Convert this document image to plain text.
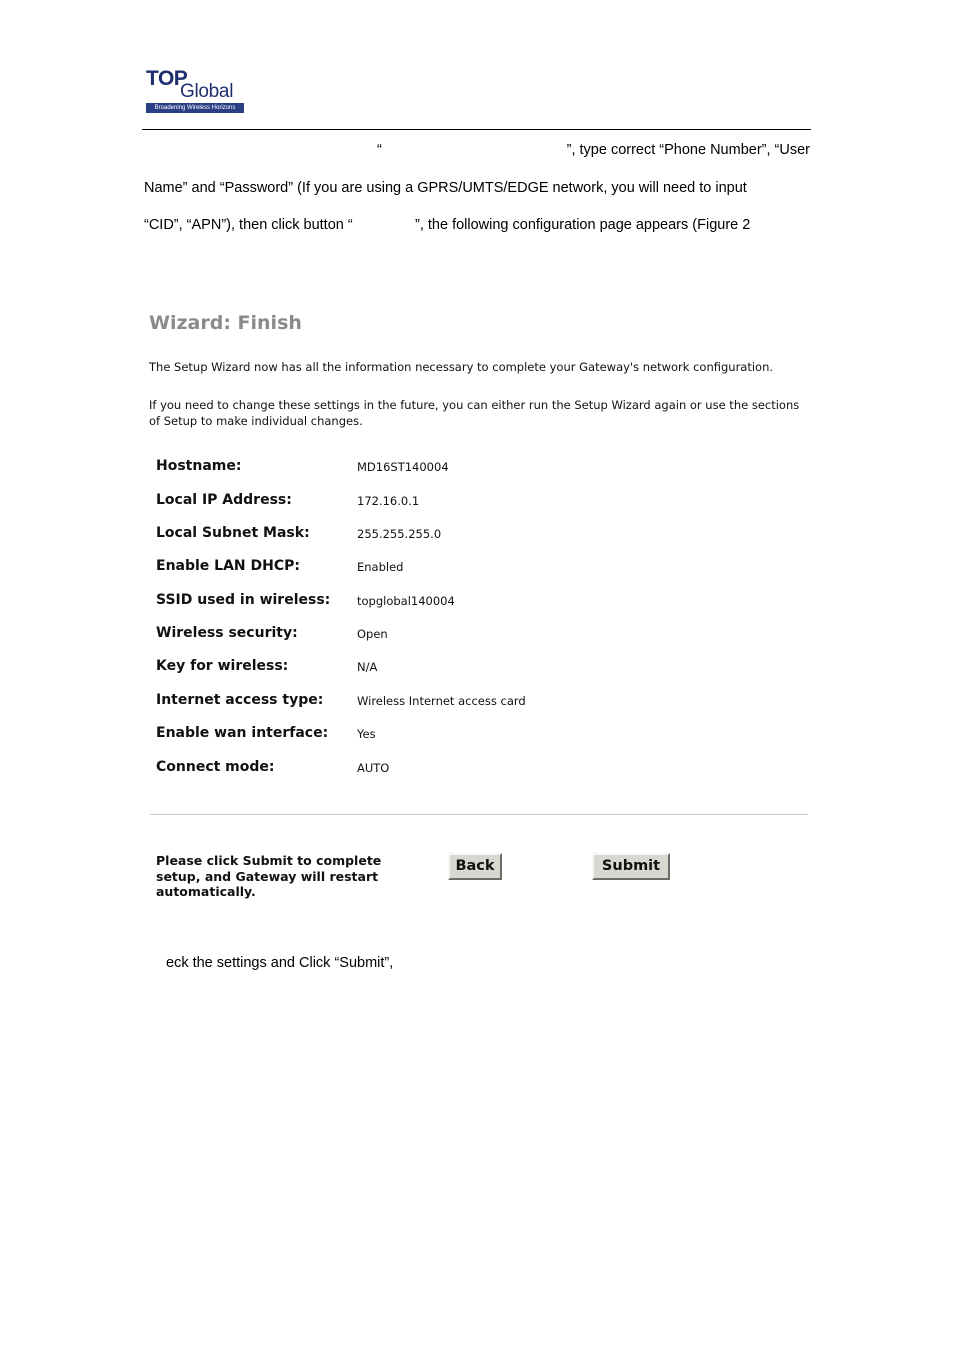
TOP
Global
Broadening Wireless Horizons
“	”, type correct “Phone Number”, “User
Name” and “Password” (If you are using a GPRS/UMTS/EDGE network, you will need to input
“CID”, “APN”), then click button “	”, the following configuration page appears (Figure 2
Wizard: Finish
The Setup Wizard now has all the information necessary to complete your Gateway's network configuration.
If you need to change these settings in the future, you can either run the Setup Wizard again or use the sections of Setup to make individual changes.
Hostname:	MD16ST140004
Local IP Address:	172.16.0.1
Local Subnet Mask:	255.255.255.0
Enable LAN DHCP:	Enabled
SSID used in wireless: topglobal140004
Wireless security:	Open
Key for wireless:	N/A
Internet access type:	Wireless Internet access card
Enable wan interface:	Yes
Connect mode:	AUTO
Please click Submit to complete setup, and Gateway will restart automatically.
Back	Submit
eck the settings and Click “Submit”,
